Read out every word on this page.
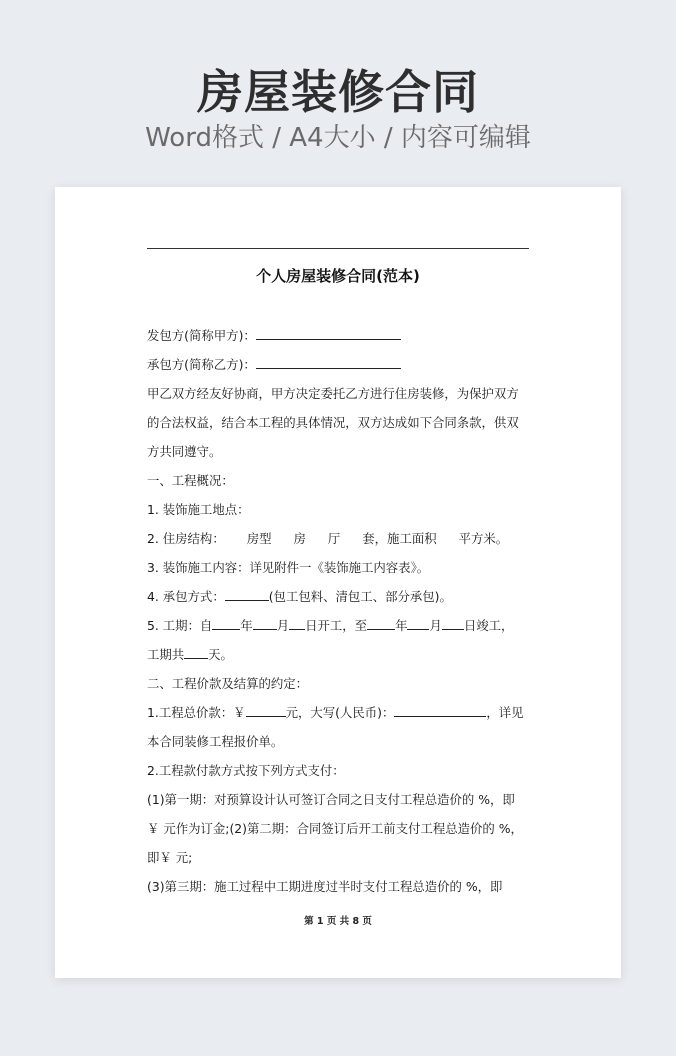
房屋装修合同
Word格式 / A4大小 / 内容可编辑
个人房屋装修合同(范本)

发包方(简称甲方)：

承包方(简称乙方)：

甲乙双方经友好协商，甲方决定委托乙方进行住房装修，为保护双方

的合法权益，结合本工程的具体情况，双方达成如下合同条款，供双

方共同遵守。

一、工程概况：

1. 装饰施工地点：

2. 住房结构： 房型 房 厅 套，施工面积 平方米。

3. 装饰施工内容：详见附件一《装饰施工内容表》。

4. 承包方式：	(包工包料、清包工、部分承包)。

5. 工期：自 年 月 日开工，至 年 月 日竣工，

工期共 天。

二、工程价款及结算的约定：

1.工程总价款：￥	元，大写(人民币)：	，详见

本合同装修工程报价单。

2.工程款付款方式按下列方式支付：

(1)第一期：对预算设计认可签订合同之日支付工程总造价的 %，即

￥ 元作为订金;(2)第二期：合同签订后开工前支付工程总造价的 %，

即￥ 元;

(3)第三期：施工过程中工期进度过半时支付工程总造价的 %，即

第 1 页 共 8 页
